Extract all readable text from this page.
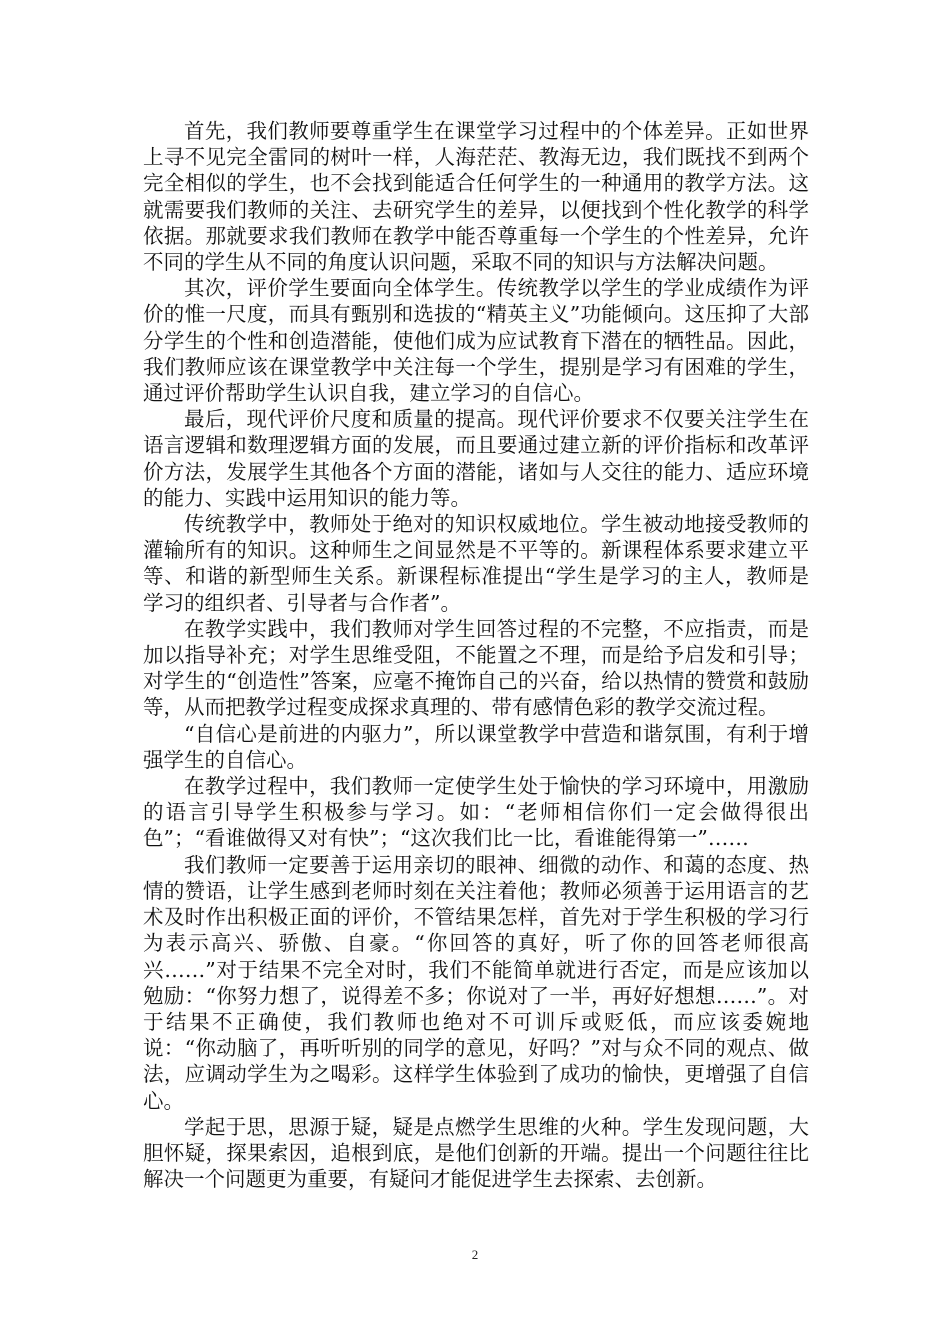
首先，我们教师要尊重学生在课堂学习过程中的个体差异。正如世界上寻不见完全雷同的树叶一样，人海茫茫、教海无边，我们既找不到两个完全相似的学生，也不会找到能适合任何学生的一种通用的教学方法。这就需要我们教师的关注、去研究学生的差异，以便找到个性化教学的科学依据。那就要求我们教师在教学中能否尊重每一个学生的个性差异，允许不同的学生从不同的角度认识问题，采取不同的知识与方法解决问题。

其次，评价学生要面向全体学生。传统教学以学生的学业成绩作为评价的惟一尺度，而具有甄别和选拔的“精英主义”功能倾向。这压抑了大部分学生的个性和创造潜能，使他们成为应试教育下潜在的牺牲品。因此，我们教师应该在课堂教学中关注每一个学生，提别是学习有困难的学生，通过评价帮助学生认识自我，建立学习的自信心。

最后，现代评价尺度和质量的提高。现代评价要求不仅要关注学生在语言逻辑和数理逻辑方面的发展，而且要通过建立新的评价指标和改革评价方法，发展学生其他各个方面的潜能，诸如与人交往的能力、适应环境的能力、实践中运用知识的能力等。

传统教学中，教师处于绝对的知识权威地位。学生被动地接受教师的灌输所有的知识。这种师生之间显然是不平等的。新课程体系要求建立平等、和谐的新型师生关系。新课程标准提出“学生是学习的主人，教师是学习的组织者、引导者与合作者”。

在教学实践中，我们教师对学生回答过程的不完整，不应指责，而是加以指导补充；对学生思维受阻，不能置之不理，而是给予启发和引导；对学生的“创造性”答案，应毫不掩饰自己的兴奋，给以热情的赞赏和鼓励等，从而把教学过程变成探求真理的、带有感情色彩的教学交流过程。

“自信心是前进的内驱力”，所以课堂教学中营造和谐氛围，有利于增强学生的自信心。

在教学过程中，我们教师一定使学生处于愉快的学习环境中，用激励的语言引导学生积极参与学习。如：“老师相信你们一定会做得很出色”；“看谁做得又对有快”；“这次我们比一比，看谁能得第一”……

我们教师一定要善于运用亲切的眼神、细微的动作、和蔼的态度、热情的赞语，让学生感到老师时刻在关注着他；教师必须善于运用语言的艺术及时作出积极正面的评价，不管结果怎样，首先对于学生积极的学习行为表示高兴、骄傲、自豪。“你回答的真好，听了你的回答老师很高兴……”对于结果不完全对时，我们不能简单就进行否定，而是应该加以勉励：“你努力想了，说得差不多；你说对了一半，再好好想想……”。对于结果不正确使，我们教师也绝对不可训斥或贬低，而应该委婉地说：“你动脑了，再听听别的同学的意见，好吗？”对与众不同的观点、做法，应调动学生为之喝彩。这样学生体验到了成功的愉快，更增强了自信心。

学起于思，思源于疑，疑是点燃学生思维的火种。学生发现问题，大胆怀疑，探果索因，追根到底，是他们创新的开端。提出一个问题往往比解决一个问题更为重要，有疑问才能促进学生去探索、去创新。

2
